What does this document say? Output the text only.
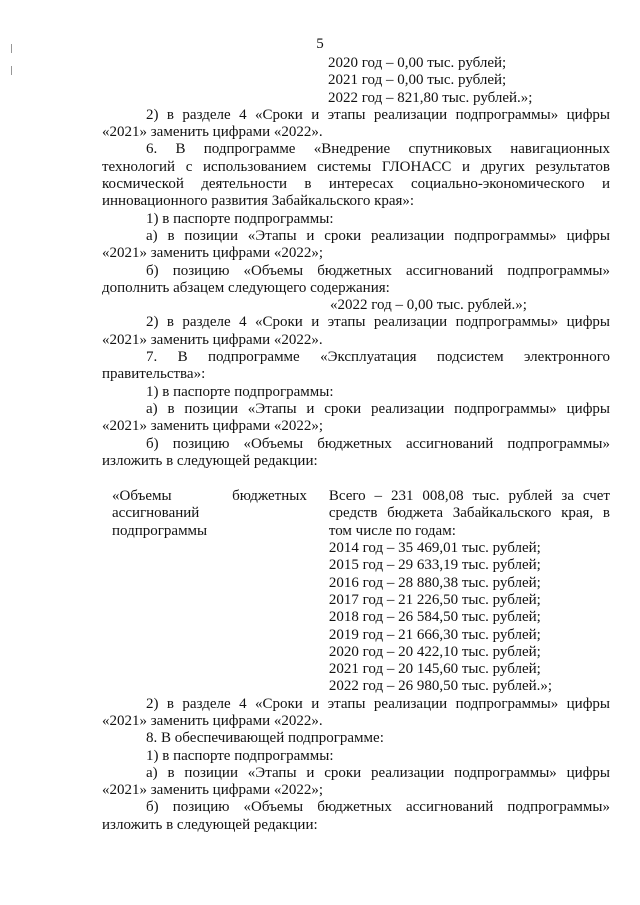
5
|
|	2020 год – 0,00 тыс. рублей;

2021 год – 0,00 тыс. рублей;

2022 год – 821,80 тыс. рублей.»;

2) в разделе 4 «Сроки и этапы реализации подпрограммы» цифры

«2021» заменить цифрами «2022».

6. В подпрограмме «Внедрение спутниковых навигационных

технологий с использованием системы ГЛОНАСС и других результатов космической деятельности в интересах социально-экономического и инновационного развития Забайкальского края»:

1) в паспорте подпрограммы:

а) в позиции «Этапы и сроки реализации подпрограммы» цифры

«2021» заменить цифрами «2022»;

б) позицию «Объемы бюджетных ассигнований подпрограммы»

дополнить абзацем следующего содержания:

«2022 год – 0,00 тыс. рублей.»;

2) в разделе 4 «Сроки и этапы реализации подпрограммы» цифры

«2021» заменить цифрами «2022».

7. В подпрограмме «Эксплуатация подсистем электронного

правительства»:

1) в паспорте подпрограммы:

а) в позиции «Этапы и сроки реализации подпрограммы» цифры

«2021» заменить цифрами «2022»;

б) позицию «Объемы бюджетных ассигнований подпрограммы»

изложить в следующей редакции:

«Объемы бюджетных
ассигнований
подпрограммы
Всего – 231 008,08 тыс. рублей за счет
средств бюджета Забайкальского края, в
том числе по годам:
2014 год – 35 469,01 тыс. рублей;
2015 год – 29 633,19 тыс. рублей;
2016 год – 28 880,38 тыс. рублей;
2017 год – 21 226,50 тыс. рублей;
2018 год – 26 584,50 тыс. рублей;
2019 год – 21 666,30 тыс. рублей;
2020 год – 20 422,10 тыс. рублей;
2021 год – 20 145,60 тыс. рублей;
2022 год – 26 980,50 тыс. рублей.»;

2) в разделе 4 «Сроки и этапы реализации подпрограммы» цифры

«2021» заменить цифрами «2022».

8. В обеспечивающей подпрограмме:

1) в паспорте подпрограммы:

а) в позиции «Этапы и сроки реализации подпрограммы» цифры

«2021» заменить цифрами «2022»;

б) позицию «Объемы бюджетных ассигнований подпрограммы»

изложить в следующей редакции:
